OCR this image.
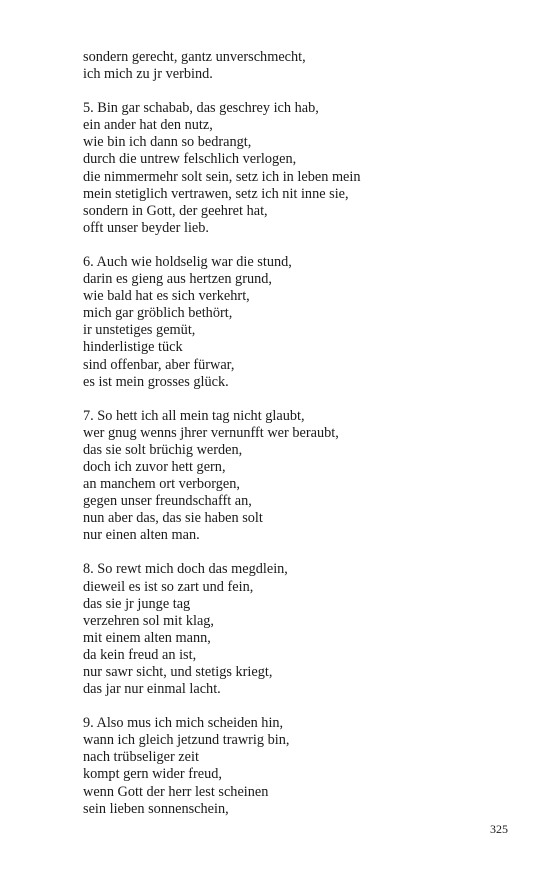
sondern gerecht, gantz unverschmecht,
ich mich zu jr verbind.
5. Bin gar schabab, das geschrey ich hab,
ein ander hat den nutz,
wie bin ich dann so bedrangt,
durch die untrew felschlich verlogen,
die nimmermehr solt sein, setz ich in leben mein
mein stetiglich vertrawen, setz ich nit inne sie,
sondern in Gott, der geehret hat,
offt unser beyder lieb.
6. Auch wie holdselig war die stund,
darin es gieng aus hertzen grund,
wie bald hat es sich verkehrt,
mich gar gröblich bethört,
ir unstetiges gemüt,
hinderlistige tück
sind offenbar, aber fürwar,
es ist mein grosses glück.
7. So hett ich all mein tag nicht glaubt,
wer gnug wenns jhrer vernunfft wer beraubt,
das sie solt brüchig werden,
doch ich zuvor hett gern,
an manchem ort verborgen,
gegen unser freundschafft an,
nun aber das, das sie haben solt
nur einen alten man.
8. So rewt mich doch das megdlein,
dieweil es ist so zart und fein,
das sie jr junge tag
verzehren sol mit klag,
mit einem alten mann,
da kein freud an ist,
nur sawr sicht, und stetigs kriegt,
das jar nur einmal lacht.
9. Also mus ich mich scheiden hin,
wann ich gleich jetzund trawrig bin,
nach trübseliger zeit
kompt gern wider freud,
wenn Gott der herr lest scheinen
sein lieben sonnenschein,
325
